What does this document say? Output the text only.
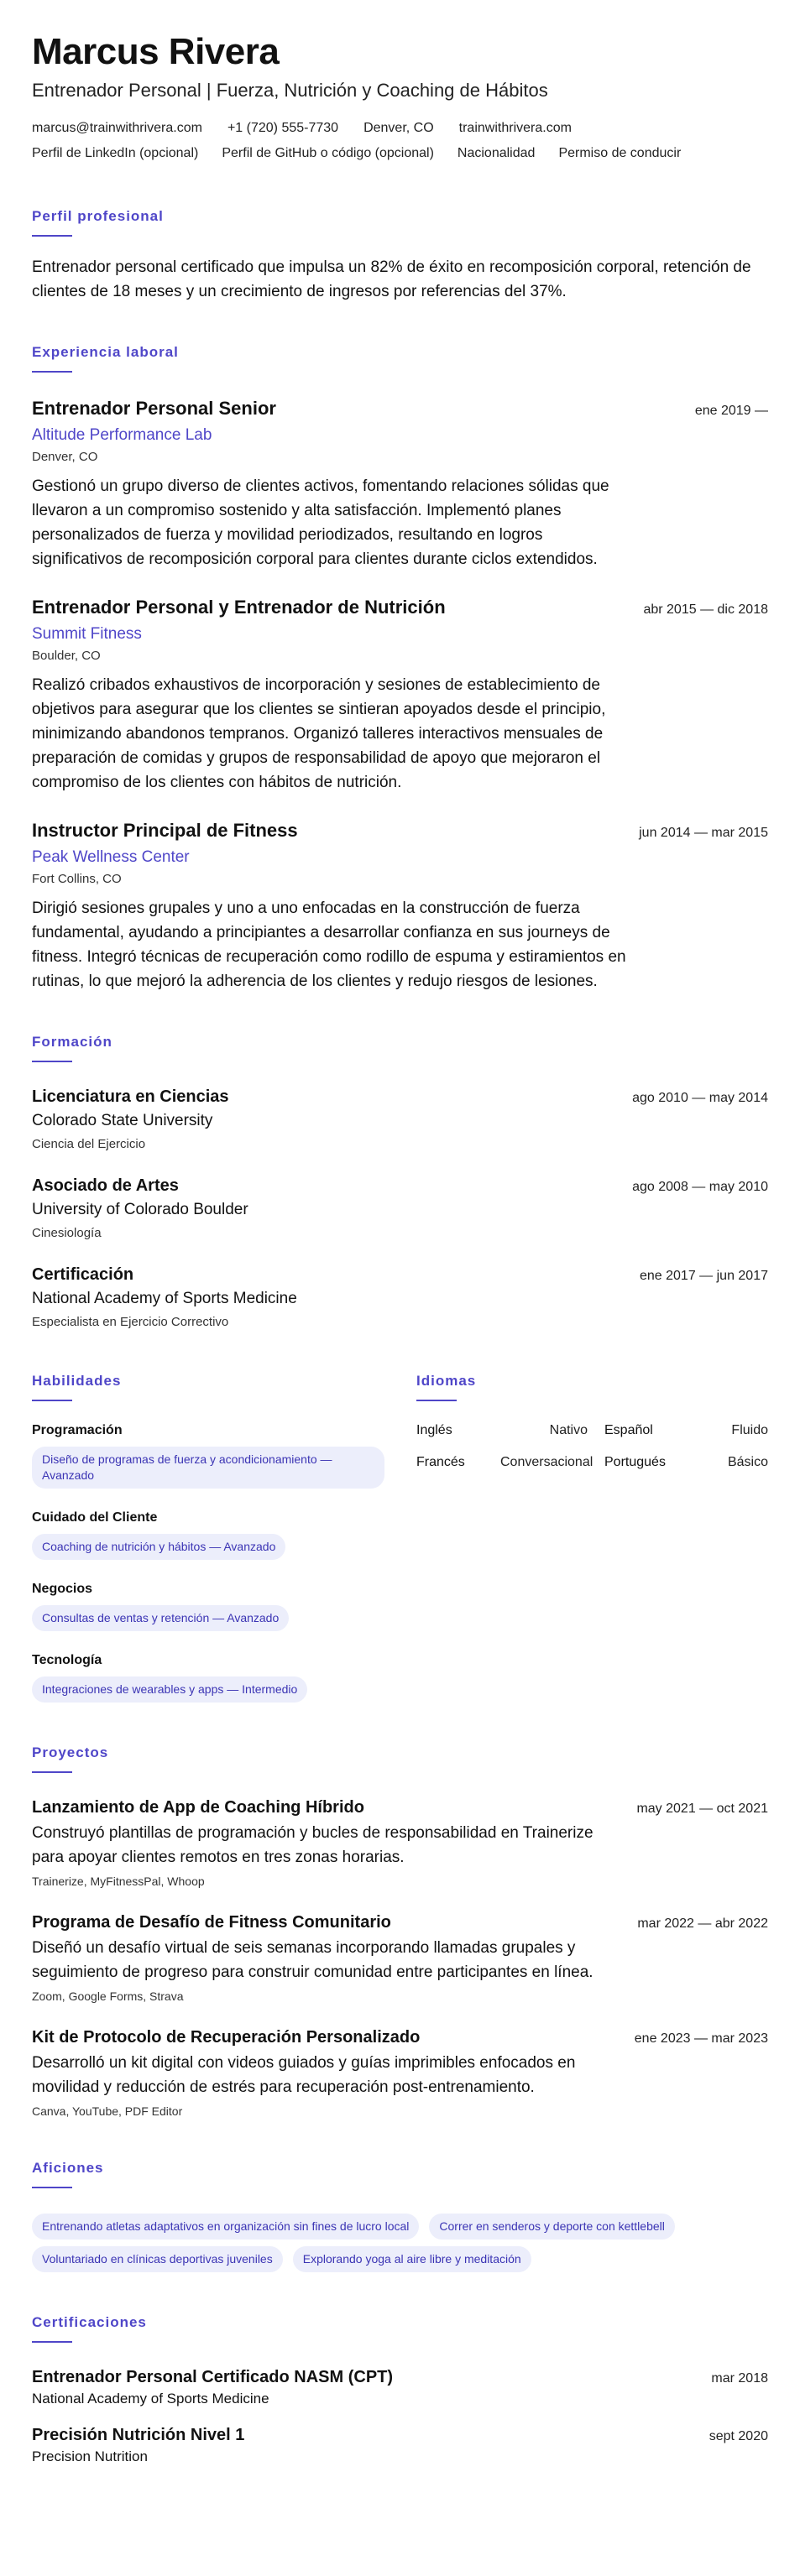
Marcus Rivera
Entrenador Personal | Fuerza, Nutrición y Coaching de Hábitos
marcus@trainwithrivera.com +1 (720) 555-7730 Denver, CO trainwithrivera.com
Perfil de LinkedIn (opcional) Perfil de GitHub o código (opcional) Nacionalidad Permiso de conducir
Perfil profesional
Entrenador personal certificado que impulsa un 82% de éxito en recomposición corporal, retención de clientes de 18 meses y un crecimiento de ingresos por referencias del 37%.
Experiencia laboral
Entrenador Personal Senior	ene 2019 —
Altitude Performance Lab
Denver, CO
Gestionó un grupo diverso de clientes activos, fomentando relaciones sólidas que llevaron a un compromiso sostenido y alta satisfacción. Implementó planes personalizados de fuerza y movilidad periodizados, resultando en logros significativos de recomposición corporal para clientes durante ciclos extendidos.
Entrenador Personal y Entrenador de Nutrición	abr 2015 — dic 2018
Summit Fitness
Boulder, CO
Realizó cribados exhaustivos de incorporación y sesiones de establecimiento de objetivos para asegurar que los clientes se sintieran apoyados desde el principio, minimizando abandonos tempranos. Organizó talleres interactivos mensuales de preparación de comidas y grupos de responsabilidad de apoyo que mejoraron el compromiso de los clientes con hábitos de nutrición.
Instructor Principal de Fitness	jun 2014 — mar 2015
Peak Wellness Center
Fort Collins, CO
Dirigió sesiones grupales y uno a uno enfocadas en la construcción de fuerza fundamental, ayudando a principiantes a desarrollar confianza en sus journeys de fitness. Integró técnicas de recuperación como rodillo de espuma y estiramientos en rutinas, lo que mejoró la adherencia de los clientes y redujo riesgos de lesiones.
Formación
Licenciatura en Ciencias	ago 2010 — may 2014
Colorado State University
Ciencia del Ejercicio
Asociado de Artes	ago 2008 — may 2010
University of Colorado Boulder
Cinesiología
Certificación	ene 2017 — jun 2017
National Academy of Sports Medicine
Especialista en Ejercicio Correctivo
Habilidades
Programación
Diseño de programas de fuerza y acondicionamiento — Avanzado
Cuidado del Cliente
Coaching de nutrición y hábitos — Avanzado
Negocios
Consultas de ventas y retención — Avanzado
Tecnología
Integraciones de wearables y apps — Intermedio
Idiomas
Inglés	Nativo	Español	Fluido
Francés	Conversacional Portugués	Básico
Proyectos
Lanzamiento de App de Coaching Híbrido	may 2021 — oct 2021
Construyó plantillas de programación y bucles de responsabilidad en Trainerize para apoyar clientes remotos en tres zonas horarias.
Trainerize, MyFitnessPal, Whoop
Programa de Desafío de Fitness Comunitario	mar 2022 — abr 2022
Diseñó un desafío virtual de seis semanas incorporando llamadas grupales y seguimiento de progreso para construir comunidad entre participantes en línea.
Zoom, Google Forms, Strava
Kit de Protocolo de Recuperación Personalizado	ene 2023 — mar 2023
Desarrolló un kit digital con videos guiados y guías imprimibles enfocados en movilidad y reducción de estrés para recuperación post-entrenamiento.
Canva, YouTube, PDF Editor
Aficiones
Entrenando atletas adaptativos en organización sin fines de lucro local	Correr en senderos y deporte con kettlebell
Voluntariado en clínicas deportivas juveniles	Explorando yoga al aire libre y meditación
Certificaciones
Entrenador Personal Certificado NASM (CPT)	mar 2018
National Academy of Sports Medicine
Precisión Nutrición Nivel 1	sept 2020
Precision Nutrition
